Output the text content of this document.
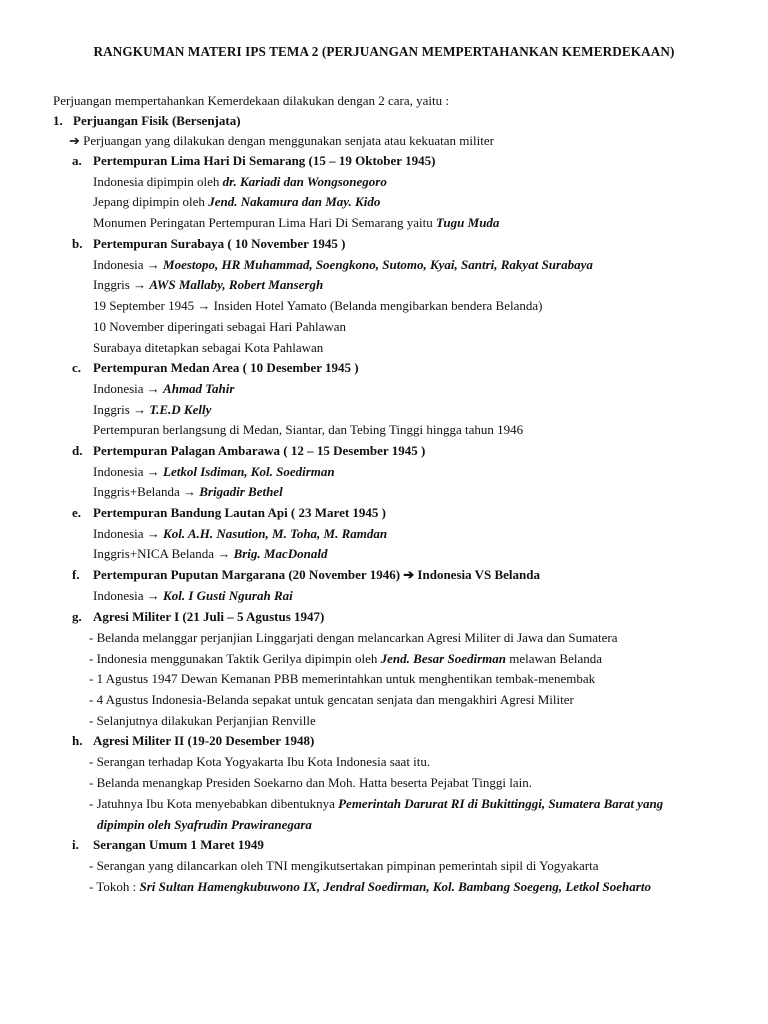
RANGKUMAN MATERI IPS TEMA 2 (PERJUANGAN MEMPERTAHANKAN KEMERDEKAAN)
Perjuangan mempertahankan Kemerdekaan dilakukan dengan 2 cara, yaitu :
1. Perjuangan Fisik (Bersenjata)
➔ Perjuangan yang dilakukan dengan menggunakan senjata atau kekuatan militer
a. Pertempuran Lima Hari Di Semarang (15 – 19 Oktober 1945)
Indonesia dipimpin oleh dr. Kariadi dan Wongsonegoro
Jepang dipimpin oleh Jend. Nakamura dan May. Kido
Monumen Peringatan Pertempuran Lima Hari Di Semarang yaitu Tugu Muda
b. Pertempuran Surabaya ( 10 November 1945 )
Indonesia → Moestopo, HR Muhammad, Soengkono, Sutomo, Kyai, Santri, Rakyat Surabaya
Inggris → AWS Mallaby, Robert Mansergh
19 September 1945 → Insiden Hotel Yamato (Belanda mengibarkan bendera Belanda)
10 November diperingati sebagai Hari Pahlawan
Surabaya ditetapkan sebagai Kota Pahlawan
c. Pertempuran Medan Area ( 10 Desember 1945 )
Indonesia → Ahmad Tahir
Inggris → T.E.D Kelly
Pertempuran berlangsung di Medan, Siantar, dan Tebing Tinggi hingga tahun 1946
d. Pertempuran Palagan Ambarawa ( 12 – 15 Desember 1945 )
Indonesia → Letkol Isdiman, Kol. Soedirman
Inggris+Belanda → Brigadir Bethel
e. Pertempuran Bandung Lautan Api ( 23 Maret 1945 )
Indonesia → Kol. A.H. Nasution, M. Toha, M. Ramdan
Inggris+NICA Belanda → Brig. MacDonald
f. Pertempuran Puputan Margarana (20 November 1946) ➔ Indonesia VS Belanda
Indonesia → Kol. I Gusti Ngurah Rai
g. Agresi Militer I (21 Juli – 5 Agustus 1947)
- Belanda melanggar perjanjian Linggarjati dengan melancarkan Agresi Militer di Jawa dan Sumatera
- Indonesia menggunakan Taktik Gerilya dipimpin oleh Jend. Besar Soedirman melawan Belanda
- 1 Agustus 1947 Dewan Kemanan PBB memerintahkan untuk menghentikan tembak-menembak
- 4 Agustus Indonesia-Belanda sepakat untuk gencatan senjata dan mengakhiri Agresi Militer
- Selanjutnya dilakukan Perjanjian Renville
h. Agresi Militer II (19-20 Desember 1948)
- Serangan terhadap Kota Yogyakarta Ibu Kota Indonesia saat itu.
- Belanda menangkap Presiden Soekarno dan Moh. Hatta beserta Pejabat Tinggi lain.
- Jatuhnya Ibu Kota menyebabkan dibentuknya Pemerintah Darurat RI di Bukittinggi, Sumatera Barat yang
dipimpin oleh Syafrudin Prawiranegara
i. Serangan Umum 1 Maret 1949
- Serangan yang dilancarkan oleh TNI mengikutsertakan pimpinan pemerintah sipil di Yogyakarta
- Tokoh : Sri Sultan Hamengkubuwono IX, Jendral Soedirman, Kol. Bambang Soegeng, Letkol Soeharto
